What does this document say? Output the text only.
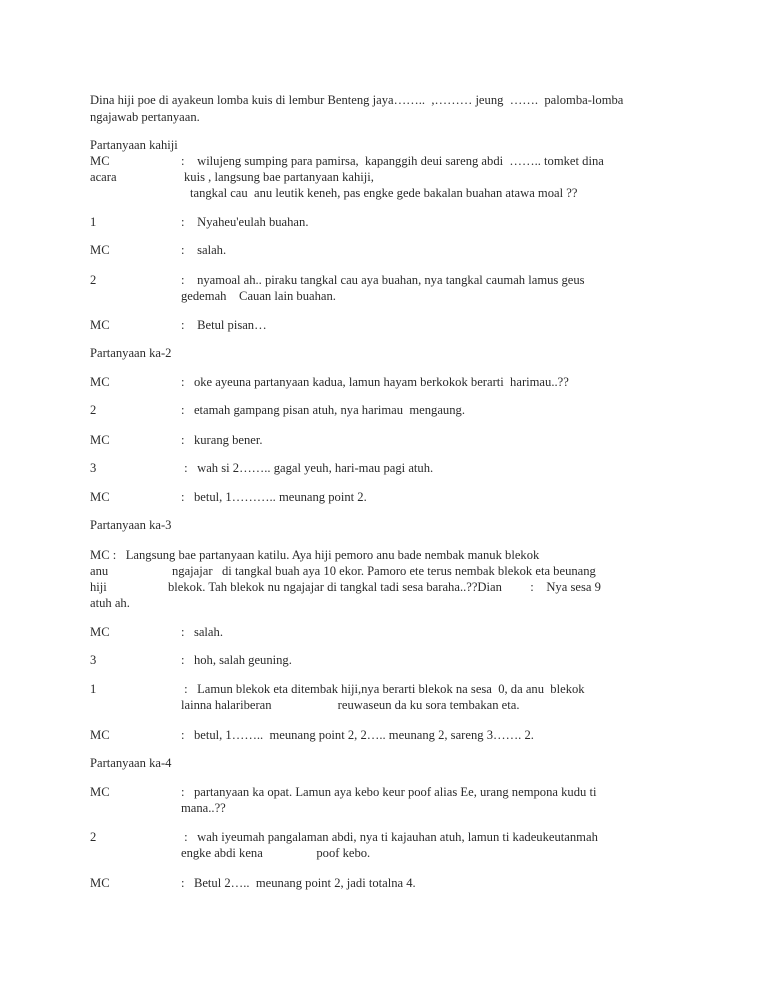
Dina hiji poe di ayakeun lomba kuis di lembur Benteng jaya……..  ,……… jeung  …….  palomba-lomba
ngajawab pertanyaan.
Partanyaan kahiji
MC	:    wilujeng sumping para pamirsa,  kapanggih deui sareng abdi  …….. tomket dina
acara	kuis , langsung bae partanyaan kahiji,
tangkal cau  anu leutik keneh, pas engke gede bakalan buahan atawa moal ??
1	:    Nyaheu'eulah buahan.
MC	:    salah.
2	:    nyamoal ah.. piraku tangkal cau aya buahan, nya tangkal caumah lamus geus
gedemah    Cauan lain buahan.
MC	:    Betul pisan…
Partanyaan ka-2
MC	:   oke ayeuna partanyaan kadua, lamun hayam berkokok berarti  harimau..??
2	:   etamah gampang pisan atuh, nya harimau  mengaung.
MC	:   kurang bener.
3	:   wah si 2…….. gagal yeuh, hari-mau pagi atuh.
MC	:   betul, 1……….. meunang point 2.
Partanyaan ka-3
MC :   Langsung bae partanyaan katilu. Aya hiji pemoro anu bade nembak manuk blekok
anu	ngajajar   di tangkal buah aya 10 ekor. Pamoro ete terus nembak blekok eta beunang
hiji	blekok. Tah blekok nu ngajajar di tangkal tadi sesa baraha..??Dian         :    Nya sesa 9
atuh ah.
MC	:   salah.
3	:   hoh, salah geuning.
1	:   Lamun blekok eta ditembak hiji,nya berarti blekok na sesa  0, da anu  blekok
lainna halariberan                     reuwaseun da ku sora tembakan eta.
MC	:   betul, 1……..  meunang point 2, 2….. meunang 2, sareng 3……. 2.
Partanyaan ka-4
MC	:   partanyaan ka opat. Lamun aya kebo keur poof alias Ee, urang nempona kudu ti
mana..??
2	:   wah iyeumah pangalaman abdi, nya ti kajauhan atuh, lamun ti kadeukeutanmah
engke abdi kena                 poof kebo.
MC	:   Betul 2…..  meunang point 2, jadi totalna 4.
